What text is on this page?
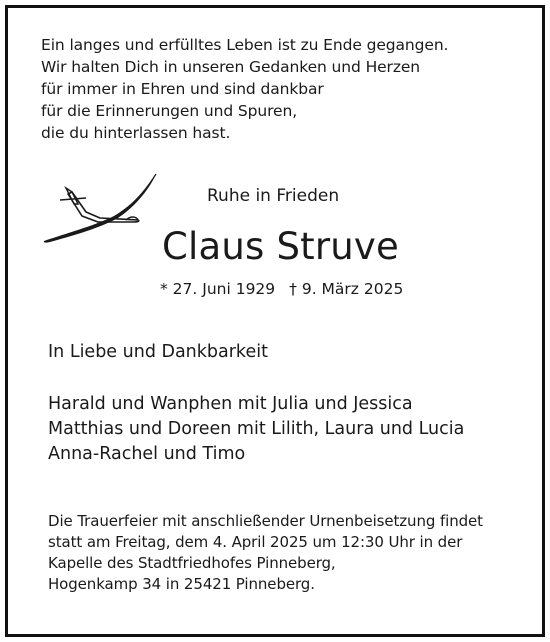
Ein langes und erfülltes Leben ist zu Ende gegangen.
Wir halten Dich in unseren Gedanken und Herzen
für immer in Ehren und sind dankbar
für die Erinnerungen und Spuren,
die du hinterlassen hast.
Ruhe in Frieden
Claus Struve
* 27. Juni 1929 † 9. März 2025
In Liebe und Dankbarkeit
Harald und Wanphen mit Julia und Jessica
Matthias und Doreen mit Lilith, Laura und Lucia
Anna-Rachel und Timo
Die Trauerfeier mit anschließender Urnenbeisetzung findet
statt am Freitag, dem 4. April 2025 um 12:30 Uhr in der
Kapelle des Stadtfriedhofes Pinneberg,
Hogenkamp 34 in 25421 Pinneberg.
